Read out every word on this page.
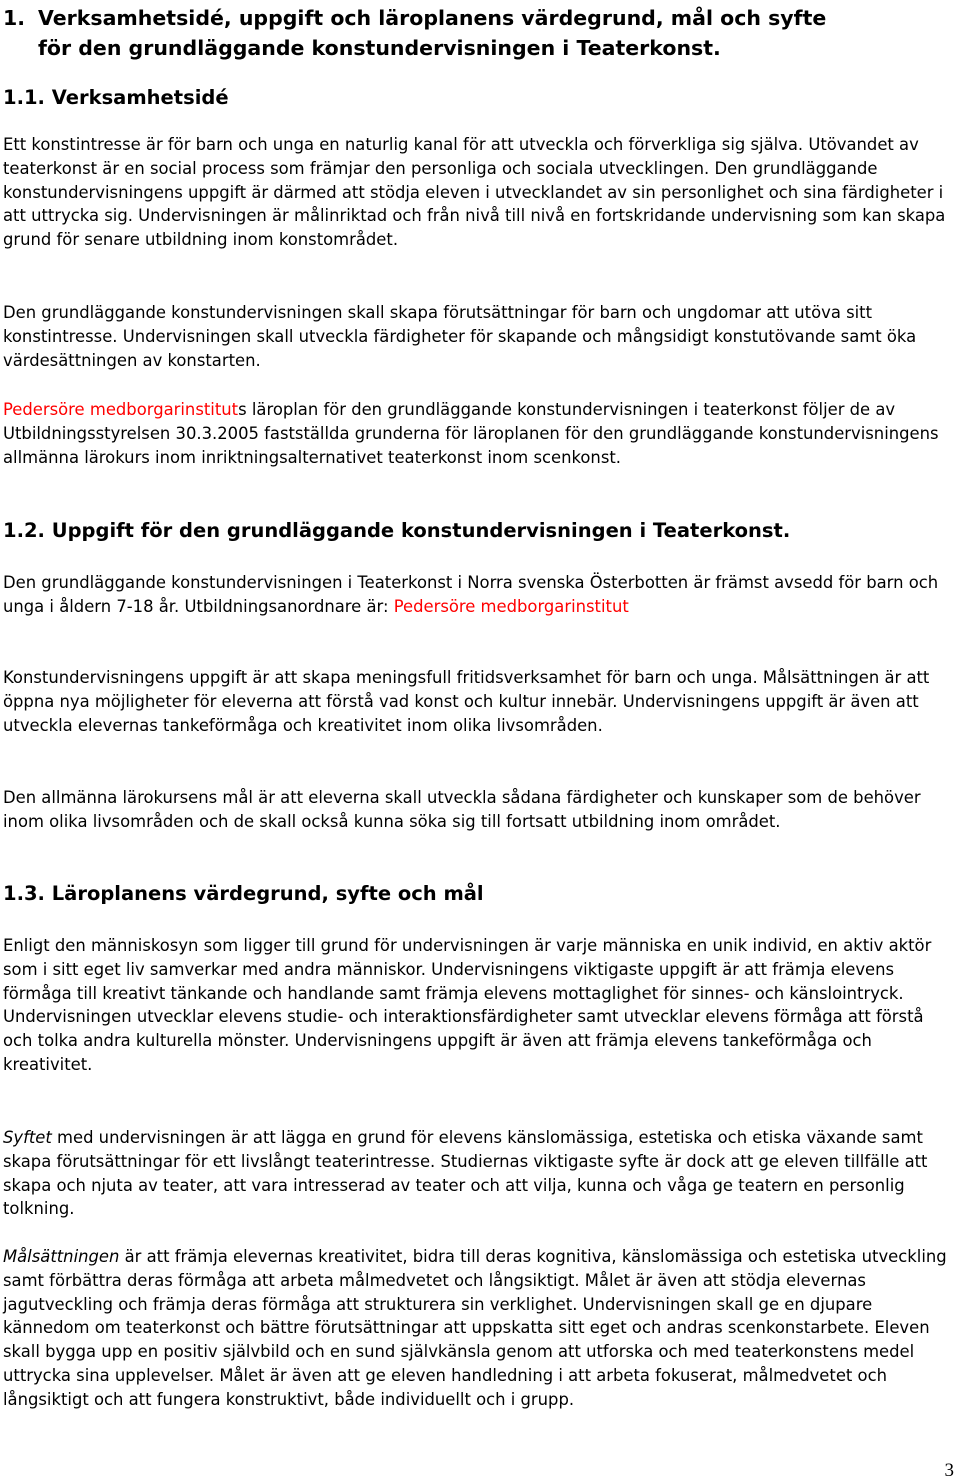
1. Verksamhetsidé, uppgift och läroplanens värdegrund, mål och syfte
för den grundläggande konstundervisningen i Teaterkonst.
1.1. Verksamhetsidé

Ett konstintresse är för barn och unga en naturlig kanal för att utveckla och förverkliga sig själva. Utövandet av teaterkonst är en social process som främjar den personliga och sociala utvecklingen. Den grundläggande konstundervisningens uppgift är därmed att stödja eleven i utvecklandet av sin personlighet och sina färdigheter i att uttrycka sig. Undervisningen är målinriktad och från nivå till nivå en fortskridande undervisning som kan skapa grund för senare utbildning inom konstområdet.

Den grundläggande konstundervisningen skall skapa förutsättningar för barn och ungdomar att utöva sitt konstintresse. Undervisningen skall utveckla färdigheter för skapande och mångsidigt konstutövande samt öka värdesättningen av konstarten.

Pedersöre medborgarinstituts läroplan för den grundläggande konstundervisningen i teaterkonst följer de av Utbildningsstyrelsen 30.3.2005 fastställda grunderna för läroplanen för den grundläggande konstundervisningens allmänna lärokurs inom inriktningsalternativet teaterkonst inom scenkonst.

1.2. Uppgift för den grundläggande konstundervisningen i Teaterkonst.

Den grundläggande konstundervisningen i Teaterkonst i Norra svenska Österbotten är främst avsedd för barn och unga i åldern 7-18 år. Utbildningsanordnare är: Pedersöre medborgarinstitut

Konstundervisningens uppgift är att skapa meningsfull fritidsverksamhet för barn och unga. Målsättningen är att öppna nya möjligheter för eleverna att förstå vad konst och kultur innebär. Undervisningens uppgift är även att utveckla elevernas tankeförmåga och kreativitet inom olika livsområden.

Den allmänna lärokursens mål är att eleverna skall utveckla sådana färdigheter och kunskaper som de behöver inom olika livsområden och de skall också kunna söka sig till fortsatt utbildning inom området.

1.3. Läroplanens värdegrund, syfte och mål

Enligt den människosyn som ligger till grund för undervisningen är varje människa en unik individ, en aktiv aktör som i sitt eget liv samverkar med andra människor. Undervisningens viktigaste uppgift är att främja elevens förmåga till kreativt tänkande och handlande samt främja elevens mottaglighet för sinnes- och känslointryck. Undervisningen utvecklar elevens studie- och interaktionsfärdigheter samt utvecklar elevens förmåga att förstå och tolka andra kulturella mönster. Undervisningens uppgift är även att främja elevens tankeförmåga och kreativitet.

Syftet med undervisningen är att lägga en grund för elevens känslomässiga, estetiska och etiska växande samt skapa förutsättningar för ett livslångt teaterintresse. Studiernas viktigaste syfte är dock att ge eleven tillfälle att skapa och njuta av teater, att vara intresserad av teater och att vilja, kunna och våga ge teatern en personlig tolkning.

Målsättningen är att främja elevernas kreativitet, bidra till deras kognitiva, känslomässiga och estetiska utveckling samt förbättra deras förmåga att arbeta målmedvetet och långsiktigt. Målet är även att stödja elevernas jagutveckling och främja deras förmåga att strukturera sin verklighet. Undervisningen skall ge en djupare kännedom om teaterkonst och bättre förutsättningar att uppskatta sitt eget och andras scenkonstarbete. Eleven skall bygga upp en positiv självbild och en sund självkänsla genom att utforska och med teaterkonstens medel uttrycka sina upplevelser. Målet är även att ge eleven handledning i att arbeta fokuserat, målmedvetet och långsiktigt och att fungera konstruktivt, både individuellt och i grupp.

3
